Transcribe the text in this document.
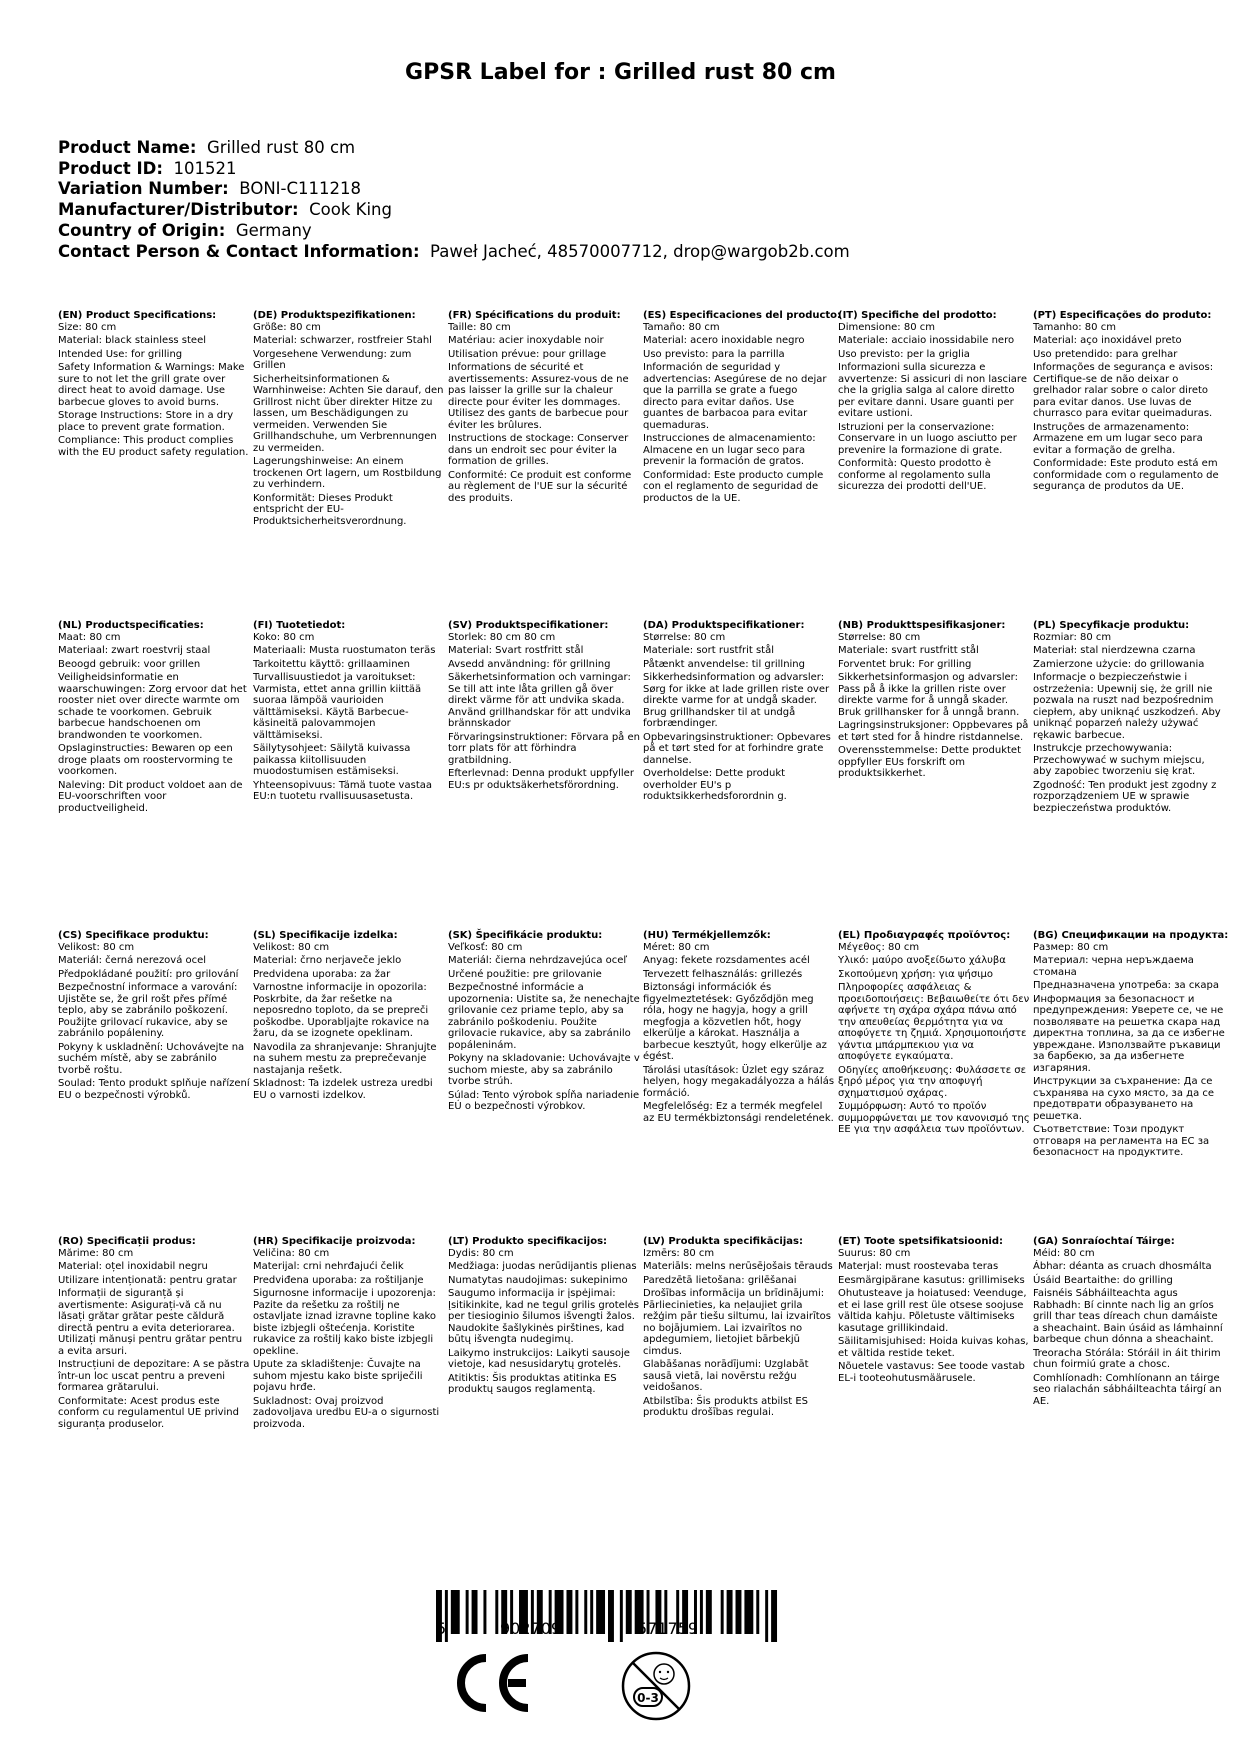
GPSR Label for : Grilled rust 80 cm
Product Name: Grilled rust 80 cm
Product ID: 101521
Variation Number: BONI-C111218
Manufacturer/Distributor: Cook King
Country of Origin: Germany
Contact Person & Contact Information: Paweł Jacheć, 48570007712, drop@wargob2b.com
(EN) Product Specifications:
Size: 80 cm
Material: black stainless steel
Intended Use: for grilling
Safety Information & Warnings: Make sure to not let the grill grate over direct heat to avoid damage. Use barbecue gloves to avoid burns.
Storage Instructions: Store in a dry place to prevent grate formation.
Compliance: This product complies with the EU product safety regulation.
(DE) Produktspezifikationen:
Größe: 80 cm
Material: schwarzer, rostfreier Stahl
Vorgesehene Verwendung: zum Grillen
Sicherheitsinformationen & Warnhinweise: Achten Sie darauf, den Grillrost nicht über direkter Hitze zu lassen, um Beschädigungen zu vermeiden. Verwenden Sie Grillhandschuhe, um Verbrennungen zu vermeiden.
Lagerungshinweise: An einem trockenen Ort lagern, um Rostbildung zu verhindern.
Konformität: Dieses Produkt entspricht der EU-Produktsicherheitsverordnung.
(FR) Spécifications du produit:
Taille: 80 cm
Matériau: acier inoxydable noir
Utilisation prévue: pour grillage
Informations de sécurité et avertissements: Assurez-vous de ne pas laisser la grille sur la chaleur directe pour éviter les dommages. Utilisez des gants de barbecue pour éviter les brûlures.
Instructions de stockage: Conserver dans un endroit sec pour éviter la formation de grilles.
Conformité: Ce produit est conforme au règlement de l'UE sur la sécurité des produits.
(ES) Especificaciones del producto:
Tamaño: 80 cm
Material: acero inoxidable negro
Uso previsto: para la parrilla
Información de seguridad y advertencias: Asegúrese de no dejar que la parrilla se grate a fuego directo para evitar daños. Use guantes de barbacoa para evitar quemaduras.
Instrucciones de almacenamiento: Almacene en un lugar seco para prevenir la formación de gratos.
Conformidad: Este producto cumple con el reglamento de seguridad de productos de la UE.
(IT) Specifiche del prodotto:
Dimensione: 80 cm
Materiale: acciaio inossidabile nero
Uso previsto: per la griglia
Informazioni sulla sicurezza e avvertenze: Si assicuri di non lasciare che la griglia salga al calore diretto per evitare danni. Usare guanti per evitare ustioni.
Istruzioni per la conservazione: Conservare in un luogo asciutto per prevenire la formazione di grate.
Conformità: Questo prodotto è conforme al regolamento sulla sicurezza dei prodotti dell'UE.
(PT) Especificações do produto:
Tamanho: 80 cm
Material: aço inoxidável preto
Uso pretendido: para grelhar
Informações de segurança e avisos: Certifique-se de não deixar o grelhador ralar sobre o calor direto para evitar danos. Use luvas de churrasco para evitar queimaduras.
Instruções de armazenamento: Armazene em um lugar seco para evitar a formação de grelha.
Conformidade: Este produto está em conformidade com o regulamento de segurança de produtos da UE.
(NL) Productspecificaties:
Maat: 80 cm
Materiaal: zwart roestvrij staal
Beoogd gebruik: voor grillen
Veiligheidsinformatie en waarschuwingen: Zorg ervoor dat het rooster niet over directe warmte om schade te voorkomen. Gebruik barbecue handschoenen om brandwonden te voorkomen.
Opslaginstructies: Bewaren op een droge plaats om roostervorming te voorkomen.
Naleving: Dit product voldoet aan de EU-voorschriften voor productveiligheid.
(FI) Tuotetiedot:
Koko: 80 cm
Materiaali: Musta ruostumaton teräs
Tarkoitettu käyttö: grillaaminen
Turvallisuustiedot ja varoitukset: Varmista, ettet anna grillin kiittää suoraa lämpöä vaurioiden välttämiseksi. Käytä Barbecue-käsineitä palovammojen välttämiseksi.
Säilytysohjeet: Säilytä kuivassa paikassa kiitollisuuden muodostumisen estämiseksi.
Yhteensopivuus: Tämä tuote vastaa EU:n tuotetu rvallisuusasetusta.
(SV) Produktspecifikationer:
Storlek: 80 cm 80 cm
Material: Svart rostfritt stål
Avsedd användning: för grillning
Säkerhetsinformation och varningar: Se till att inte låta grillen gå över direkt värme för att undvika skada. Använd grillhandskar för att undvika brännskador
Förvaringsinstruktioner: Förvara på en torr plats för att förhindra gratbildning.
Efterlevnad: Denna produkt uppfyller EU:s pr oduktsäkerhetsförordning.
(DA) Produktspecifikationer:
Størrelse: 80 cm
Materiale: sort rustfrit stål
Påtænkt anvendelse: til grillning
Sikkerhedsinformation og advarsler: Sørg for ikke at lade grillen riste over direkte varme for at undgå skader. Brug grillhandsker til at undgå forbrændinger.
Opbevaringsinstruktioner: Opbevares på et tørt sted for at forhindre grate dannelse.
Overholdelse: Dette produkt overholder EU's p roduktsikkerhedsforordnin g.
(NB) Produkttspesifikasjoner:
Størrelse: 80 cm
Materiale: svart rustfritt stål
Forventet bruk: For grilling
Sikkerhetsinformasjon og advarsler: Pass på å ikke la grillen riste over direkte varme for å unngå skader. Bruk grillhansker for å unngå brann.
Lagringsinstruksjoner: Oppbevares på et tørt sted for å hindre ristdannelse.
Overensstemmelse: Dette produktet oppfyller EUs forskrift om produktsikkerhet.
(PL) Specyfikacje produktu:
Rozmiar: 80 cm
Materiał: stal nierdzewna czarna
Zamierzone użycie: do grillowania
Informacje o bezpieczeństwie i ostrzeżenia: Upewnij się, że grill nie pozwala na ruszt nad bezpośrednim ciepłem, aby uniknąć uszkodzeń. Aby uniknąć poparzeń należy używać rękawic barbecue.
Instrukcje przechowywania: Przechowywać w suchym miejscu, aby zapobiec tworzeniu się krat.
Zgodność: Ten produkt jest zgodny z rozporządzeniem UE w sprawie bezpieczeństwa produktów.
(CS) Specifikace produktu:
Velikost: 80 cm
Materiál: černá nerezová ocel
Předpokládané použití: pro grilování
Bezpečnostní informace a varování: Ujistěte se, že gril rošt přes přímé teplo, aby se zabránilo poškození. Použijte grilovací rukavice, aby se zabránilo popáleniny.
Pokyny k uskladnění: Uchovávejte na suchém místě, aby se zabránilo tvorbě roštu.
Soulad: Tento produkt splňuje nařízení EU o bezpečnosti výrobků.
(SL) Specifikacije izdelka:
Velikost: 80 cm
Material: črno nerjaveče jeklo
Predvidena uporaba: za žar
Varnostne informacije in opozorila: Poskrbite, da žar rešetke na neposredno toploto, da se prepreči poškodbe. Uporabljajte rokavice na žaru, da se izognete opeklinam.
Navodila za shranjevanje: Shranjujte na suhem mestu za preprečevanje nastajanja rešetk.
Skladnost: Ta izdelek ustreza uredbi EU o varnosti izdelkov.
(SK) Špecifikácie produktu:
Veľkosť: 80 cm
Materiál: čierna nehrdzavejúca oceľ
Určené použitie: pre grilovanie
Bezpečnostné informácie a upozornenia: Uistite sa, že nenechajte grilovanie cez priame teplo, aby sa zabránilo poškodeniu. Použite grilovacie rukavice, aby sa zabránilo popáleninám.
Pokyny na skladovanie: Uchovávajte v suchom mieste, aby sa zabránilo tvorbe strúh.
Súlad: Tento výrobok spĺňa nariadenie EÚ o bezpečnosti výrobkov.
(HU) Termékjellemzők:
Méret: 80 cm
Anyag: fekete rozsdamentes acél
Tervezett felhasználás: grillezés
Biztonsági információk és figyelmeztetések: Győződjön meg róla, hogy ne hagyja, hogy a grill megfogja a közvetlen hőt, hogy elkerülje a károkat. Használja a barbecue kesztyűt, hogy elkerülje az égést.
Tárolási utasítások: Üzlet egy száraz helyen, hogy megakadályozza a hálás formáció.
Megfelelőség: Ez a termék megfelel az EU termékbiztonsági rendeletének.
(EL) Προδιαγραφές προϊόντος:
Μέγεθος: 80 cm
Υλικό: μαύρο ανοξείδωτο χάλυβα
Σκοπούμενη χρήση: για ψήσιμο
Πληροφορίες ασφάλειας & προειδοποιήσεις: Βεβαιωθείτε ότι δεν αφήνετε τη σχάρα σχάρα πάνω από την απευθείας θερμότητα για να αποφύγετε τη ζημιά. Χρησιμοποιήστε γάντια μπάρμπεκιου για να αποφύγετε εγκαύματα.
Οδηγίες αποθήκευσης: Φυλάσσετε σε ξηρό μέρος για την αποφυγή σχηματισμού σχάρας.
Συμμόρφωση: Αυτό το προϊόν συμμορφώνεται με τον κανονισμό της ΕΕ για την ασφάλεια των προϊόντων.
(BG) Спецификации на продукта:
Размер: 80 cm
Материал: черна неръждаема стомана
Предназначена употреба: за скара
Информация за безопасност и предупреждения: Уверете се, че не позволявате на решетка скара над директна топлина, за да се избегне увреждане. Използвайте ръкавици за барбекю, за да избегнете изгаряния.
Инструкции за съхранение: Да се съхранява на сухо място, за да се предотврати образуването на решетка.
Съответствие: Този продукт отговаря на регламента на ЕС за безопасност на продуктите.
(RO) Specificații produs:
Mărime: 80 cm
Material: oțel inoxidabil negru
Utilizare intenționată: pentru gratar
Informații de siguranță și avertismente: Asigurați-vă că nu lăsați grătar grătar peste căldură directă pentru a evita deteriorarea. Utilizați mănuși pentru grătar pentru a evita arsuri.
Instrucțiuni de depozitare: A se păstra într-un loc uscat pentru a preveni formarea grătarului.
Conformitate: Acest produs este conform cu regulamentul UE privind siguranța produselor.
(HR) Specifikacije proizvoda:
Veličina: 80 cm
Materijal: crni nehrđajući čelik
Predviđena uporaba: za roštiljanje
Sigurnosne informacije i upozorenja: Pazite da rešetku za roštilj ne ostavljate iznad izravne topline kako biste izbjegli oštećenja. Koristite rukavice za roštilj kako biste izbjegli opekline.
Upute za skladištenje: Čuvajte na suhom mjestu kako biste spriječili pojavu hrđe.
Sukladnost: Ovaj proizvod zadovoljava uredbu EU-a o sigurnosti proizvoda.
(LT) Produkto specifikacijos:
Dydis: 80 cm
Medžiaga: juodas nerūdijantis plienas
Numatytas naudojimas: sukepinimo
Saugumo informacija ir įspėjimai: Įsitikinkite, kad ne tegul grilis grotelės per tiesioginio šilumos išvengti žalos. Naudokite šašlykinės pirštines, kad būtų išvengta nudegimų.
Laikymo instrukcijos: Laikyti sausoje vietoje, kad nesusidarytų grotelės.
Atitiktis: Šis produktas atitinka ES produktų saugos reglamentą.
(LV) Produkta specifikācijas:
Izmērs: 80 cm
Materiāls: melns nerūsējošais tērauds
Paredzētā lietošana: grilēšanai
Drošības informācija un brīdinājumi: Pārliecinieties, ka neļaujiet grila režģim pār tiešu siltumu, lai izvairītos no bojājumiem. Lai izvairītos no apdegumiem, lietojiet bārbekjū cimdus.
Glabāšanas norādījumi: Uzglabāt sausā vietā, lai novērstu režģu veidošanos.
Atbilstība: Šis produkts atbilst ES produktu drošības regulai.
(ET) Toote spetsifikatsioonid:
Suurus: 80 cm
Materjal: must roostevaba teras
Eesmärgipärane kasutus: grillimiseks
Ohutusteave ja hoiatused: Veenduge, et ei lase grill rest üle otsese soojuse vältida kahju. Põletuste vältimiseks kasutage grillikindaid.
Säilitamisjuhised: Hoida kuivas kohas, et vältida restide teket.
Nõuetele vastavus: See toode vastab EL-i tooteohutusmäärusele.
(GA) Sonraíochtaí Táirge:
Méid: 80 cm
Ábhar: déanta as cruach dhosmálta
Úsáid Beartaithe: do grilling
Faisnéis Sábháilteachta agus Rabhadh: Bí cinnte nach lig an gríos grill thar teas díreach chun damáiste a sheachaint. Bain úsáid as lámhainní barbeque chun dónna a sheachaint.
Treoracha Stórála: Stóráil in áit thirim chun foirmiú grate a chosc.
Comhlíonadh: Comhlíonann an táirge seo rialachán sábháilteachta táirgí an AE.
5	902709	571759
0-3
